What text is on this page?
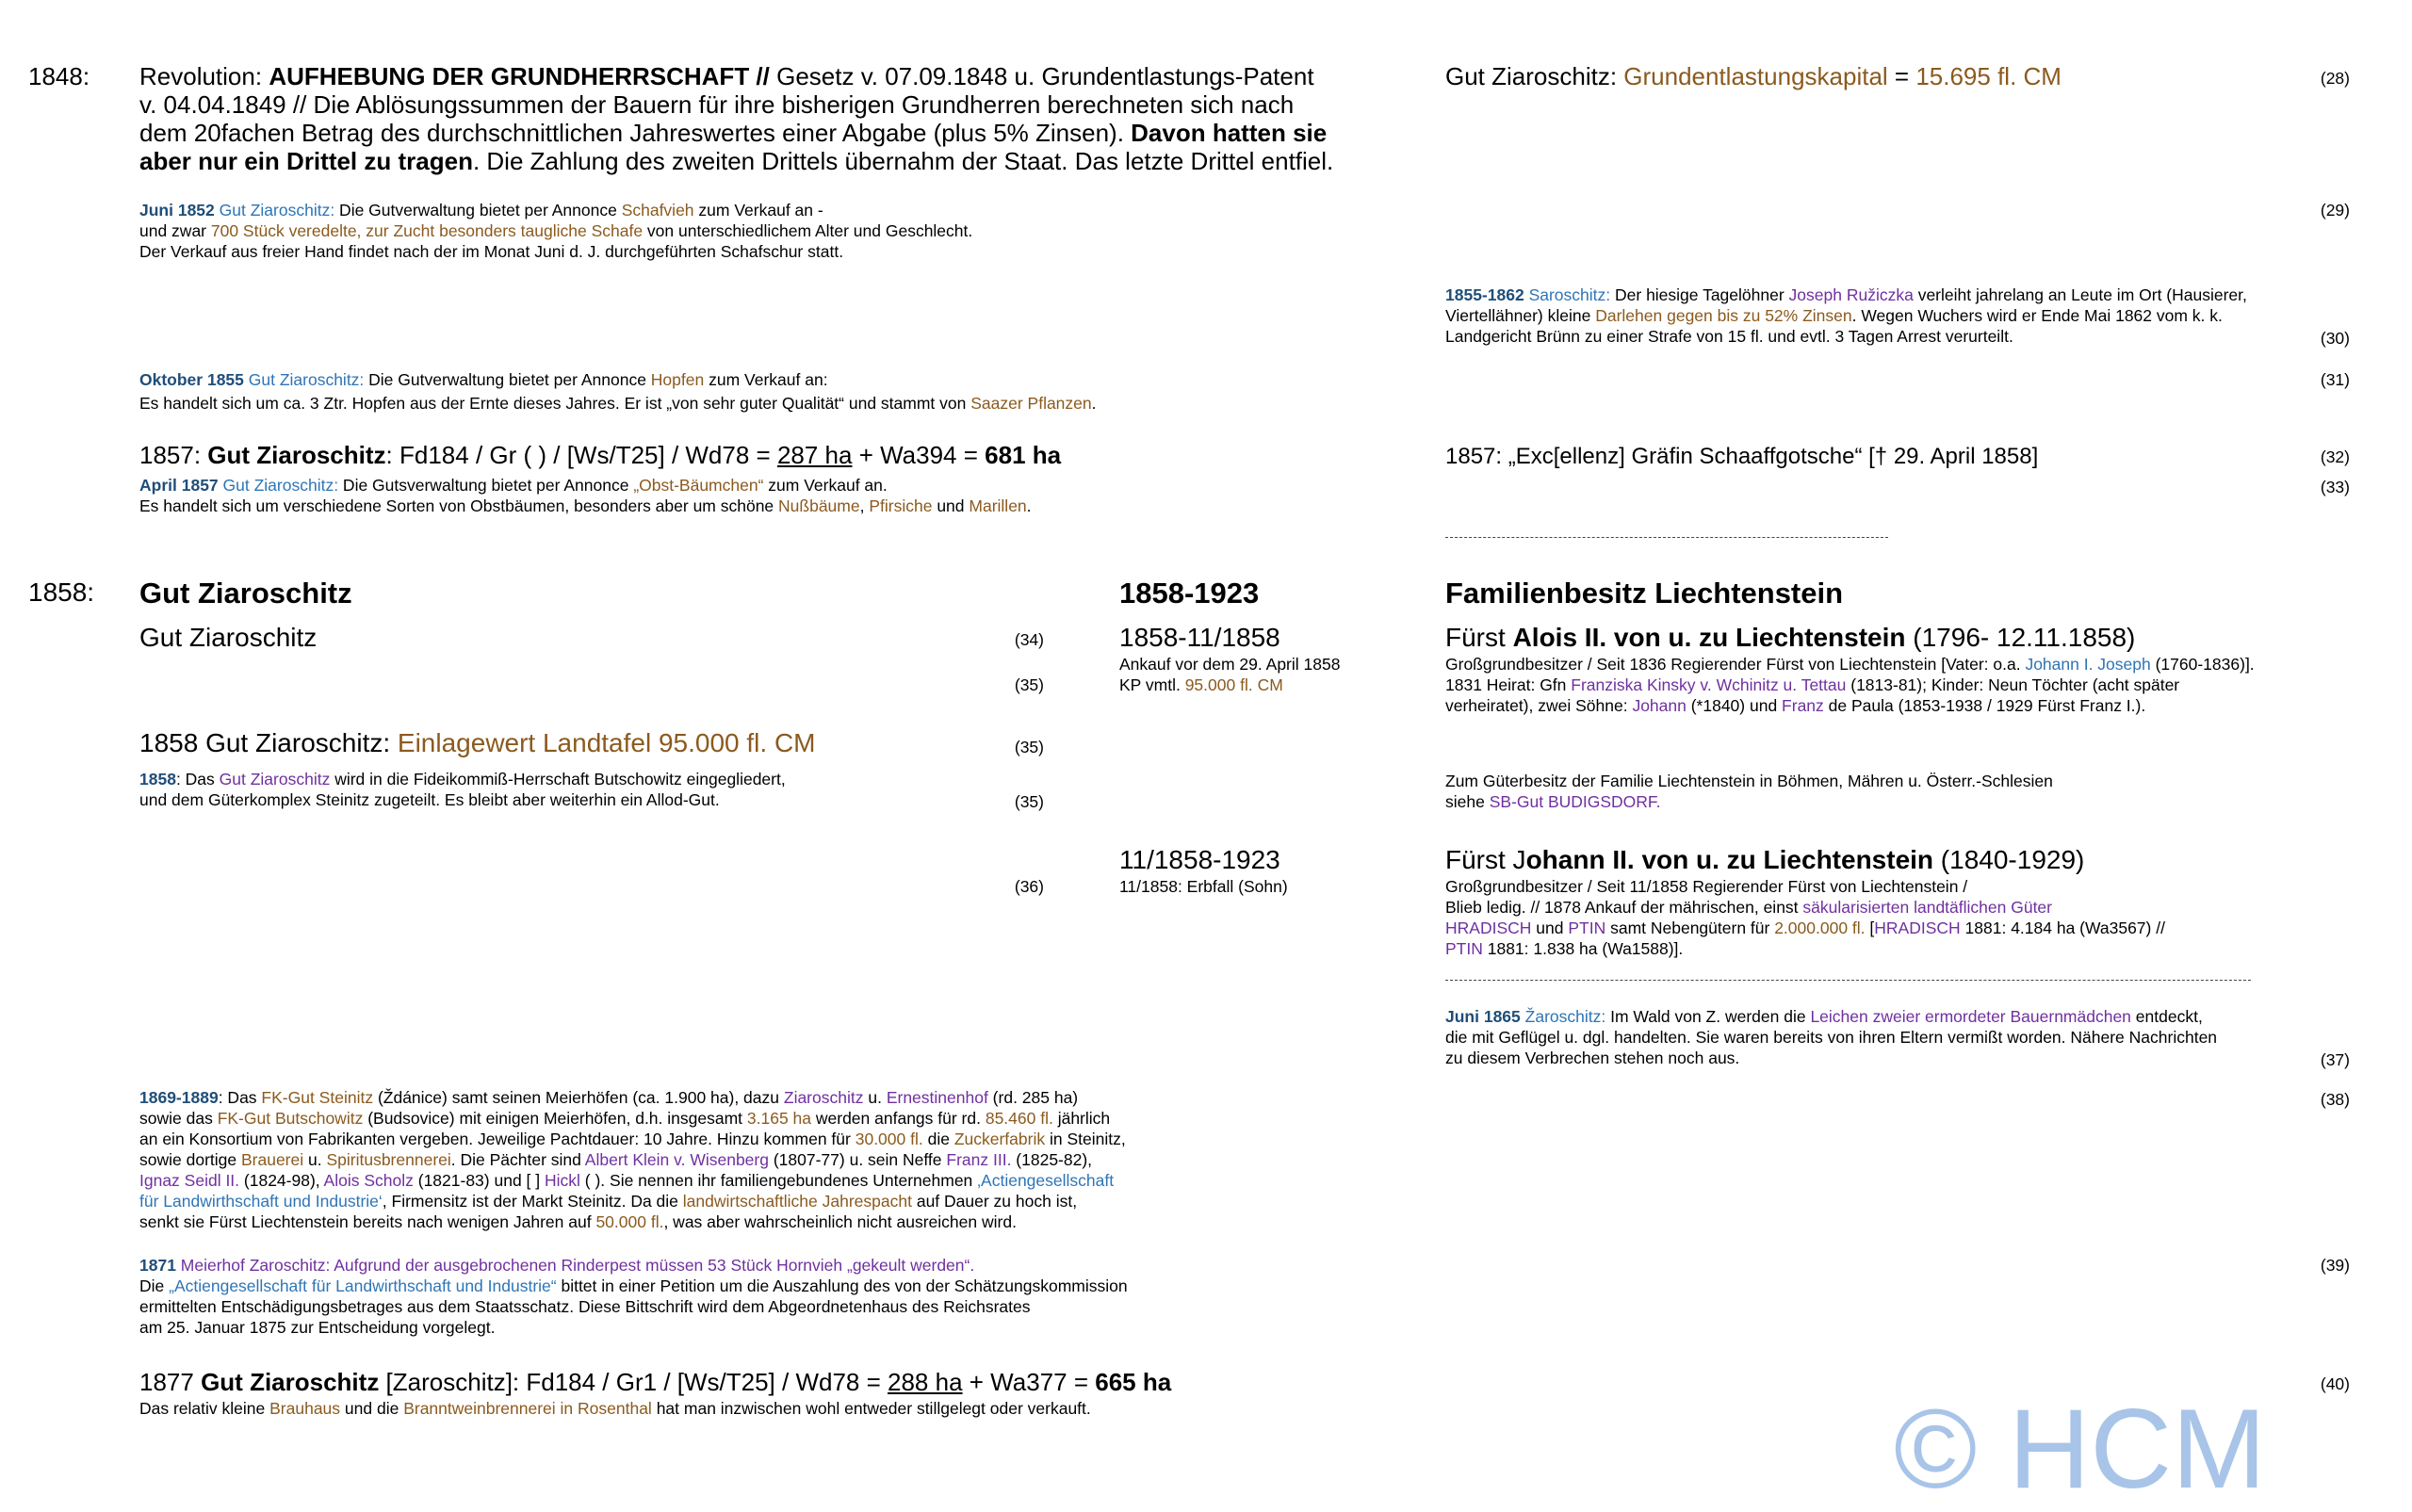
1848: Revolution: AUFHEBUNG DER GRUNDHERRSCHAFT // Gesetz v. 07.09.1848 u. Grundentlastungs-Patent
v. 04.04.1849 // Die Ablösungssummen der Bauern für ihre bisherigen Grundherren berechneten sich nach
dem 20fachen Betrag des durchschnittlichen Jahreswertes einer Abgabe (plus 5% Zinsen). Davon hatten sie
aber nur ein Drittel zu tragen. Die Zahlung des zweiten Drittels übernahm der Staat. Das letzte Drittel entfiel.
Gut Ziaroschitz: Grundentlastungskapital = 15.695 fl. CM	(28)
Juni 1852 Gut Ziaroschitz: Die Gutverwaltung bietet per Annonce Schafvieh zum Verkauf an -
und zwar 700 Stück veredelte, zur Zucht besonders taugliche Schafe von unterschiedlichem Alter und Geschlecht.
Der Verkauf aus freier Hand findet nach der im Monat Juni d. J. durchgeführten Schafschur statt.
(29)
1855-1862 Saroschitz: Der hiesige Tagelöhner Joseph Ružiczka verleiht jahrelang an Leute im Ort (Hausierer,
Viertellähner) kleine Darlehen gegen bis zu 52% Zinsen. Wegen Wuchers wird er Ende Mai 1862 vom k. k.
Landgericht Brünn zu einer Strafe von 15 fl. und evtl. 3 Tagen Arrest verurteilt.	(30)
Oktober 1855 Gut Ziaroschitz: Die Gutverwaltung bietet per Annonce Hopfen zum Verkauf an:
Es handelt sich um ca. 3 Ztr. Hopfen aus der Ernte dieses Jahres. Er ist „von sehr guter Qualität“ und stammt von Saazer Pflanzen.
(31)
1857: Gut Ziaroschitz: Fd184 / Gr ( ) / [Ws/T25] / Wd78 = 287 ha + Wa394 = 681 ha	1857: „Exc[ellenz] Gräfin Schaaffgotsche“ [† 29. April 1858]	(32)
April 1857 Gut Ziaroschitz: Die Gutsverwaltung bietet per Annonce „Obst-Bäumchen“ zum Verkauf an.
Es handelt sich um verschiedene Sorten von Obstbäumen, besonders aber um schöne Nußbäume, Pfirsiche und Marillen.
(33)
1858: Gut Ziaroschitz	1858-1923	Familienbesitz Liechtenstein
Gut Ziaroschitz	(34)
(35)
1858-11/1858
Ankauf vor dem 29. April 1858
KP vmtl. 95.000 fl. CM
Fürst Alois II. von u. zu Liechtenstein (1796- 12.11.1858)
Großgrundbesitzer / Seit 1836 Regierender Fürst von Liechtenstein [Vater: o.a. Johann I. Joseph (1760-1836)].
1831 Heirat: Gfn Franziska Kinsky v. Wchinitz u. Tettau (1813-81); Kinder: Neun Töchter (acht später
verheiratet), zwei Söhne: Johann (*1840) und Franz de Paula (1853-1938 / 1929 Fürst Franz I.).
1858 Gut Ziaroschitz: Einlagewert Landtafel 95.000 fl. CM	(35)
1858: Das Gut Ziaroschitz wird in die Fideikommiß-Herrschaft Butschowitz eingegliedert,
und dem Güterkomplex Steinitz zugeteilt. Es bleibt aber weiterhin ein Allod-Gut.	(35)
Zum Güterbesitz der Familie Liechtenstein in Böhmen, Mähren u. Österr.-Schlesien
siehe SB-Gut BUDIGSDORF.
(36)
11/1858-1923
11/1858: Erbfall (Sohn)
Fürst Johann II. von u. zu Liechtenstein (1840-1929)
Großgrundbesitzer / Seit 11/1858 Regierender Fürst von Liechtenstein /
Blieb ledig. // 1878 Ankauf der mährischen, einst säkularisierten landtäflichen Güter
HRADISCH und PTIN samt Nebengütern für 2.000.000 fl. [HRADISCH 1881: 4.184 ha (Wa3567) //
PTIN 1881: 1.838 ha (Wa1588)].
Juni 1865 Žaroschitz: Im Wald von Z. werden die Leichen zweier ermordeter Bauernmädchen entdeckt,
die mit Geflügel u. dgl. handelten. Sie waren bereits von ihren Eltern vermißt worden. Nähere Nachrichten
zu diesem Verbrechen stehen noch aus.	(37)
1869-1889: Das FK-Gut Steinitz (Ždánice) samt seinen Meierhöfen (ca. 1.900 ha), dazu Ziaroschitz u. Ernestinenhof (rd. 285 ha)
sowie das FK-Gut Butschowitz (Budsovice) mit einigen Meierhöfen, d.h. insgesamt 3.165 ha werden anfangs für rd. 85.460 fl. jährlich
an ein Konsortium von Fabrikanten vergeben. Jeweilige Pachtdauer: 10 Jahre. Hinzu kommen für 30.000 fl. die Zuckerfabrik in Steinitz,
sowie dortige Brauerei u. Spiritusbrennerei. Die Pächter sind Albert Klein v. Wisenberg (1807-77) u. sein Neffe Franz III. (1825-82),
Ignaz Seidl II. (1824-98), Alois Scholz (1821-83) und [ ] Hickl ( ). Sie nennen ihr familiengebundenes Unternehmen ‚Actiengesellschaft
für Landwirthschaft und Industrie‘, Firmensitz ist der Markt Steinitz. Da die landwirtschaftliche Jahrespacht auf Dauer zu hoch ist,
senkt sie Fürst Liechtenstein bereits nach wenigen Jahren auf 50.000 fl., was aber wahrscheinlich nicht ausreichen wird.
(38)
1871 Meierhof Zaroschitz: Aufgrund der ausgebrochenen Rinderpest müssen 53 Stück Hornvieh „gekeult werden“.
Die „Actiengesellschaft für Landwirthschaft und Industrie“ bittet in einer Petition um die Auszahlung des von der Schätzungskommission
ermittelten Entschädigungsbetrages aus dem Staatsschatz. Diese Bittschrift wird dem Abgeordnetenhaus des Reichsrates
am 25. Januar 1875 zur Entscheidung vorgelegt.
(39)
1877 Gut Ziaroschitz [Zaroschitz]: Fd184 / Gr1 / [Ws/T25] / Wd78 = 288 ha + Wa377 = 665 ha
Das relativ kleine Brauhaus und die Branntweinbrennerei in Rosenthal hat man inzwischen wohl entweder stillgelegt oder verkauft.
(40)
© HCM
